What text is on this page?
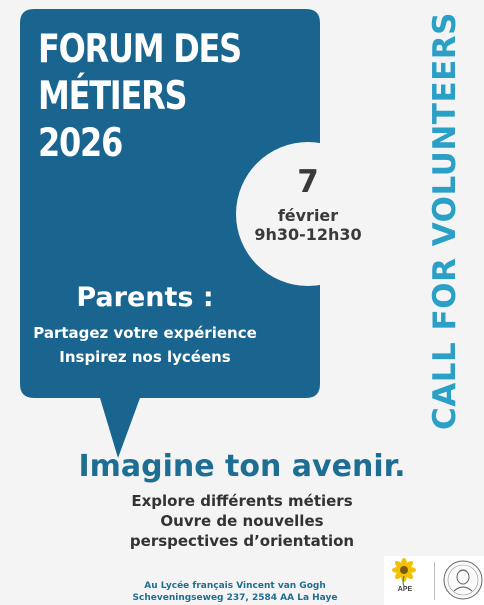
FORUM DES
MÉTIERS 2026
7
février
9h30-12h30
Parents :
Partagez votre expérience
Inspirez nos lycéens	CALL FOR VOLUNTEERS
Imagine ton avenir.
Explore différents métiers
Ouvre de nouvelles
perspectives d’orientation
Au Lycée français Vincent van Gogh
Scheveningseweg 237, 2584 AA La Haye
APE
